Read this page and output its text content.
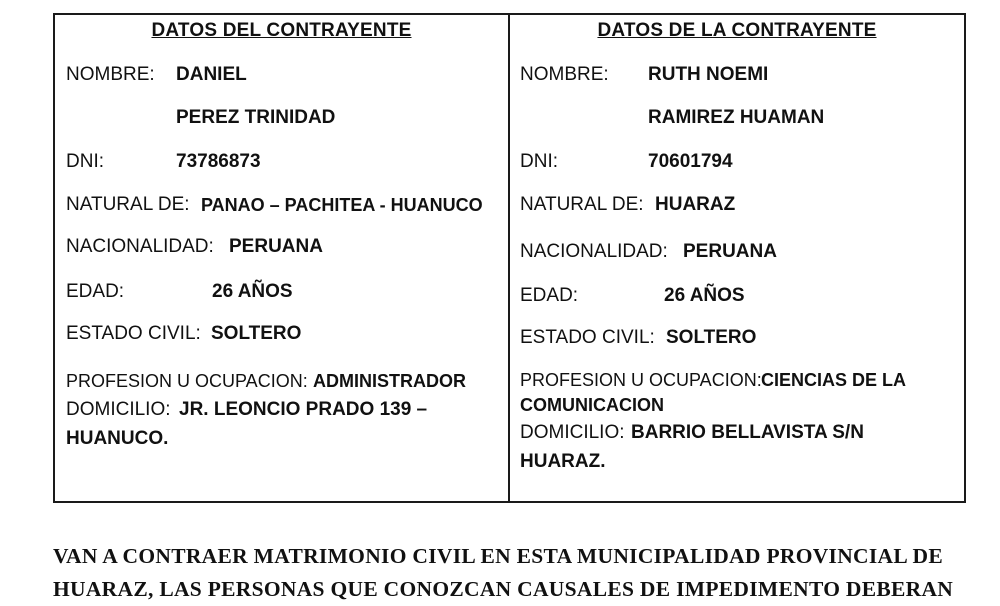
DATOS DEL CONTRAYENTE
NOMBRE: DANIEL
PEREZ TRINIDAD
DNI:	73786873
NATURAL DE: PANAO – PACHITEA - HUANUCO
NACIONALIDAD: PERUANA
EDAD:	26 AÑOS
ESTADO CIVIL: SOLTERO
PROFESION U OCUPACION: ADMINISTRADOR
DOMICILIO: JR. LEONCIO PRADO 139 –
HUANUCO.
DATOS DE LA CONTRAYENTE
NOMBRE: RUTH NOEMI
RAMIREZ HUAMAN
DNI:	70601794
NATURAL DE: HUARAZ
NACIONALIDAD: PERUANA
EDAD:	26 AÑOS
ESTADO CIVIL: SOLTERO
PROFESION U OCUPACION: CIENCIAS DE LA
COMUNICACION
DOMICILIO: BARRIO BELLAVISTA S/N
HUARAZ.
VAN A CONTRAER MATRIMONIO CIVIL EN ESTA MUNICIPALIDAD PROVINCIAL DE
HUARAZ, LAS PERSONAS QUE CONOZCAN CAUSALES DE IMPEDIMENTO DEBERAN
